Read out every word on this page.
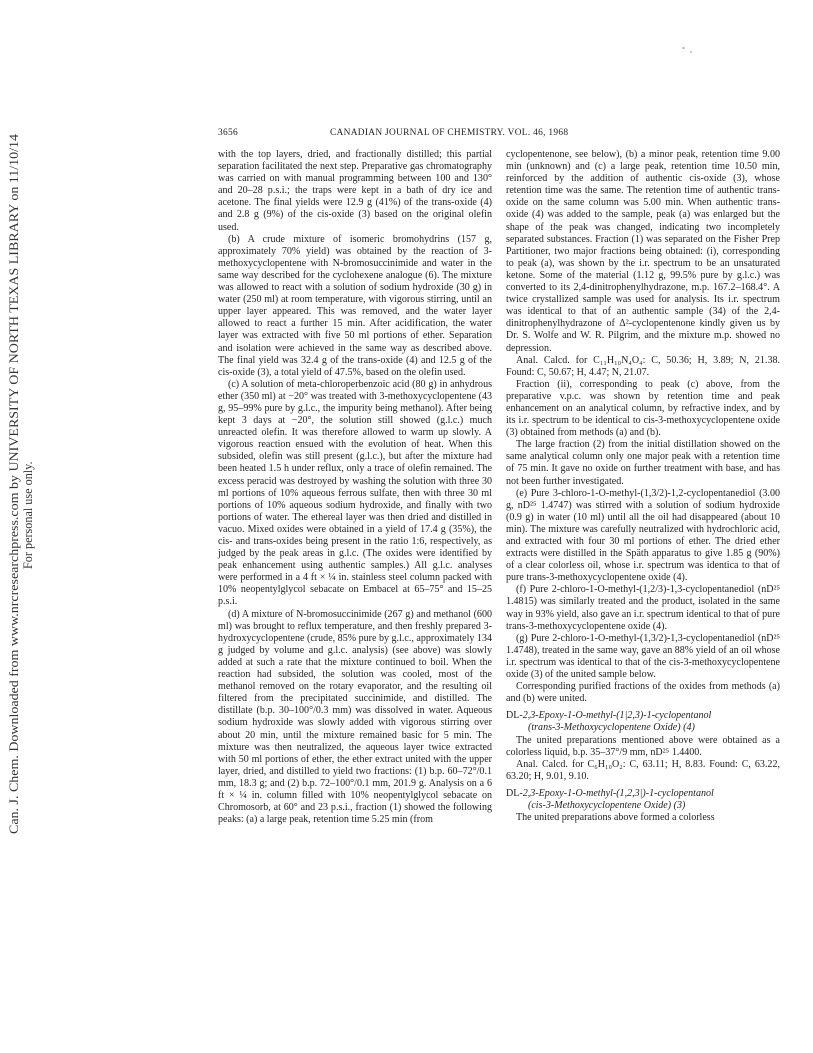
Can. J. Chem. Downloaded from www.nrcresearchpress.com by UNIVERSITY OF NORTH TEXAS LIBRARY on 11/10/14 For personal use only.
3656	CANADIAN JOURNAL OF CHEMISTRY. VOL. 46, 1968

with the top layers, dried, and fractionally distilled; this partial separation facilitated the next step. Preparative gas chromatography was carried on with manual programming between 100 and 130° and 20–28 p.s.i.; the traps were kept in a bath of dry ice and acetone. The final yields were 12.9 g (41%) of the trans-oxide (4) and 2.8 g (9%) of the cis-oxide (3) based on the original olefin used.

(b) A crude mixture of isomeric bromohydrins (157 g, approximately 70% yield) was obtained by the reaction of 3-methoxycyclopentene with N-bromosuccinimide and water in the same way described for the cyclohexene analogue (6). The mixture was allowed to react with a solution of sodium hydroxide (30 g) in water (250 ml) at room temperature, with vigorous stirring, until an upper layer appeared. This was removed, and the water layer allowed to react a further 15 min. After acidification, the water layer was extracted with five 50 ml portions of ether. Separation and isolation were achieved in the same way as described above. The final yield was 32.4 g of the trans-oxide (4) and 12.5 g of the cis-oxide (3), a total yield of 47.5%, based on the olefin used.

(c) A solution of meta-chloroperbenzoic acid (80 g) in anhydrous ether (350 ml) at −20° was treated with 3-methoxycyclopentene (43 g, 95–99% pure by g.l.c., the impurity being methanol). After being kept 3 days at −20°, the solution still showed (g.l.c.) much unreacted olefin. It was therefore allowed to warm up slowly. A vigorous reaction ensued with the evolution of heat. When this subsided, olefin was still present (g.l.c.), but after the mixture had been heated 1.5 h under reflux, only a trace of olefin remained. The excess peracid was destroyed by washing the solution with three 30 ml portions of 10% aqueous ferrous sulfate, then with three 30 ml portions of 10% aqueous sodium hydroxide, and finally with two portions of water. The ethereal layer was then dried and distilled in vacuo. Mixed oxides were obtained in a yield of 17.4 g (35%), the cis- and trans-oxides being present in the ratio 1:6, respectively, as judged by the peak areas in g.l.c. (The oxides were identified by peak enhancement using authentic samples.) All g.l.c. analyses were performed in a 4 ft × ¼ in. stainless steel column packed with 10% neopentylglycol sebacate on Embacel at 65–75° and 15–25 p.s.i.

(d) A mixture of N-bromosuccinimide (267 g) and methanol (600 ml) was brought to reflux temperature, and then freshly prepared 3-hydroxycyclopentene (crude, 85% pure by g.l.c., approximately 134 g judged by volume and g.l.c. analysis) (see above) was slowly added at such a rate that the mixture continued to boil. When the reaction had subsided, the solution was cooled, most of the methanol removed on the rotary evaporator, and the resulting oil filtered from the precipitated succinimide, and distilled. The distillate (b.p. 30–100°/0.3 mm) was dissolved in water. Aqueous sodium hydroxide was slowly added with vigorous stirring over about 20 min, until the mixture remained basic for 5 min. The mixture was then neutralized, the aqueous layer twice extracted with 50 ml portions of ether, the ether extract united with the upper layer, dried, and distilled to yield two fractions: (1) b.p. 60–72°/0.1 mm, 18.3 g; and (2) b.p. 72–100°/0.1 mm, 201.9 g. Analysis on a 6 ft × ¼ in. column filled with 10% neopentylglycol sebacate on Chromosorb, at 60° and 23 p.s.i., fraction (1) showed the following peaks: (a) a large peak, retention time 5.25 min (from

cyclopentenone, see below), (b) a minor peak, retention time 9.00 min (unknown) and (c) a large peak, retention time 10.50 min, reinforced by the addition of authentic cis-oxide (3), whose retention time was the same. The retention time of authentic trans-oxide on the same column was 5.00 min. When authentic trans-oxide (4) was added to the sample, peak (a) was enlarged but the shape of the peak was changed, indicating two incompletely separated substances. Fraction (1) was separated on the Fisher Prep Partitioner, two major fractions being obtained: (i), corresponding to peak (a), was shown by the i.r. spectrum to be an unsaturated ketone. Some of the material (1.12 g, 99.5% pure by g.l.c.) was converted to its 2,4-dinitrophenylhydrazone, m.p. 167.2–168.4°. A twice crystallized sample was used for analysis. Its i.r. spectrum was identical to that of an authentic sample (34) of the 2,4-dinitrophenylhydrazone of Δ²-cyclopentenone kindly given us by Dr. S. Wolfe and W. R. Pilgrim, and the mixture m.p. showed no depression.

Anal. Calcd. for C₁₁H₁₀N₄O₄: C, 50.36; H, 3.89; N, 21.38. Found: C, 50.67; H, 4.47; N, 21.07.

Fraction (ii), corresponding to peak (c) above, from the preparative v.p.c. was shown by retention time and peak enhancement on an analytical column, by refractive index, and by its i.r. spectrum to be identical to cis-3-methoxycyclopentene oxide (3) obtained from methods (a) and (b).

The large fraction (2) from the initial distillation showed on the same analytical column only one major peak with a retention time of 75 min. It gave no oxide on further treatment with base, and has not been further investigated.

(e) Pure 3-chloro-1-O-methyl-(1,3/2)-1,2-cyclopentanediol (3.00 g, nD²⁵ 1.4747) was stirred with a solution of sodium hydroxide (0.9 g) in water (10 ml) until all the oil had disappeared (about 10 min). The mixture was carefully neutralized with hydrochloric acid, and extracted with four 30 ml portions of ether. The dried ether extracts were distilled in the Späth apparatus to give 1.85 g (90%) of a clear colorless oil, whose i.r. spectrum was identica to that of pure trans-3-methoxycyclopentene oxide (4).

(f) Pure 2-chloro-1-O-methyl-(1,2/3)-1,3-cyclopentanediol (nD²⁵ 1.4815) was similarly treated and the product, isolated in the same way in 93% yield, also gave an i.r. spectrum identical to that of pure trans-3-methoxycyclopentene oxide (4).

(g) Pure 2-chloro-1-O-methyl-(1,3/2)-1,3-cyclopentanediol (nD²⁵ 1.4748), treated in the same way, gave an 88% yield of an oil whose i.r. spectrum was identical to that of the cis-3-methoxycyclopentene oxide (3) of the united sample below.

Corresponding purified fractions of the oxides from methods (a) and (b) were united.

DL-2,3-Epoxy-1-O-methyl-(1|2,3)-1-cyclopentanol
(trans-3-Methoxycyclopentene Oxide) (4)

The united preparations mentioned above were obtained as a colorless liquid, b.p. 35–37°/9 mm, nD²⁵ 1.4400.

Anal. Calcd. for C₆H₁₀O₂: C, 63.11; H, 8.83. Found: C, 63.22, 63.20; H, 9.01, 9.10.

DL-2,3-Epoxy-1-O-methyl-(1,2,3|)-1-cyclopentanol
(cis-3-Methoxycyclopentene Oxide) (3)

The united preparations above formed a colorless
